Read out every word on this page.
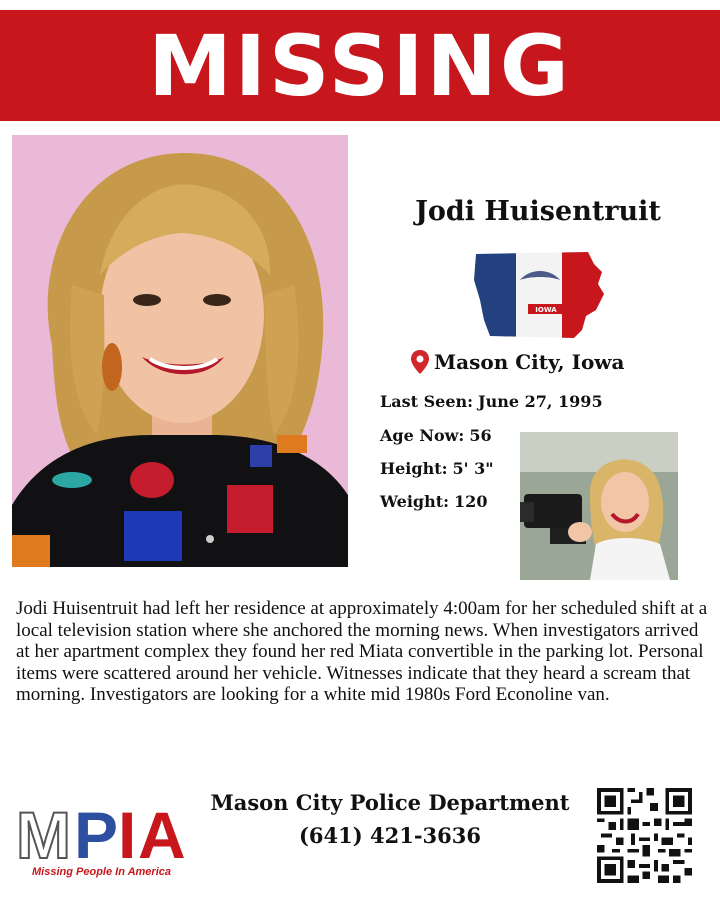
MISSING
Jodi Huisentruit
IOWA
Mason City, Iowa
Last Seen: June 27, 1995
Age Now: 56
Height: 5' 3"
Weight: 120
Jodi Huisentruit had left her residence at approximately 4:00am for her scheduled shift at a local television station where she anchored the morning news. When investigators arrived at her apartment complex they found her red Miata convertible in the parking lot. Personal items were scattered around her vehicle. Witnesses indicate that they heard a scream that morning. Investigators are looking for a white mid 1980s Ford Econoline van.
M P I A
Missing People In America
Mason City Police Department
(641) 421-3636
